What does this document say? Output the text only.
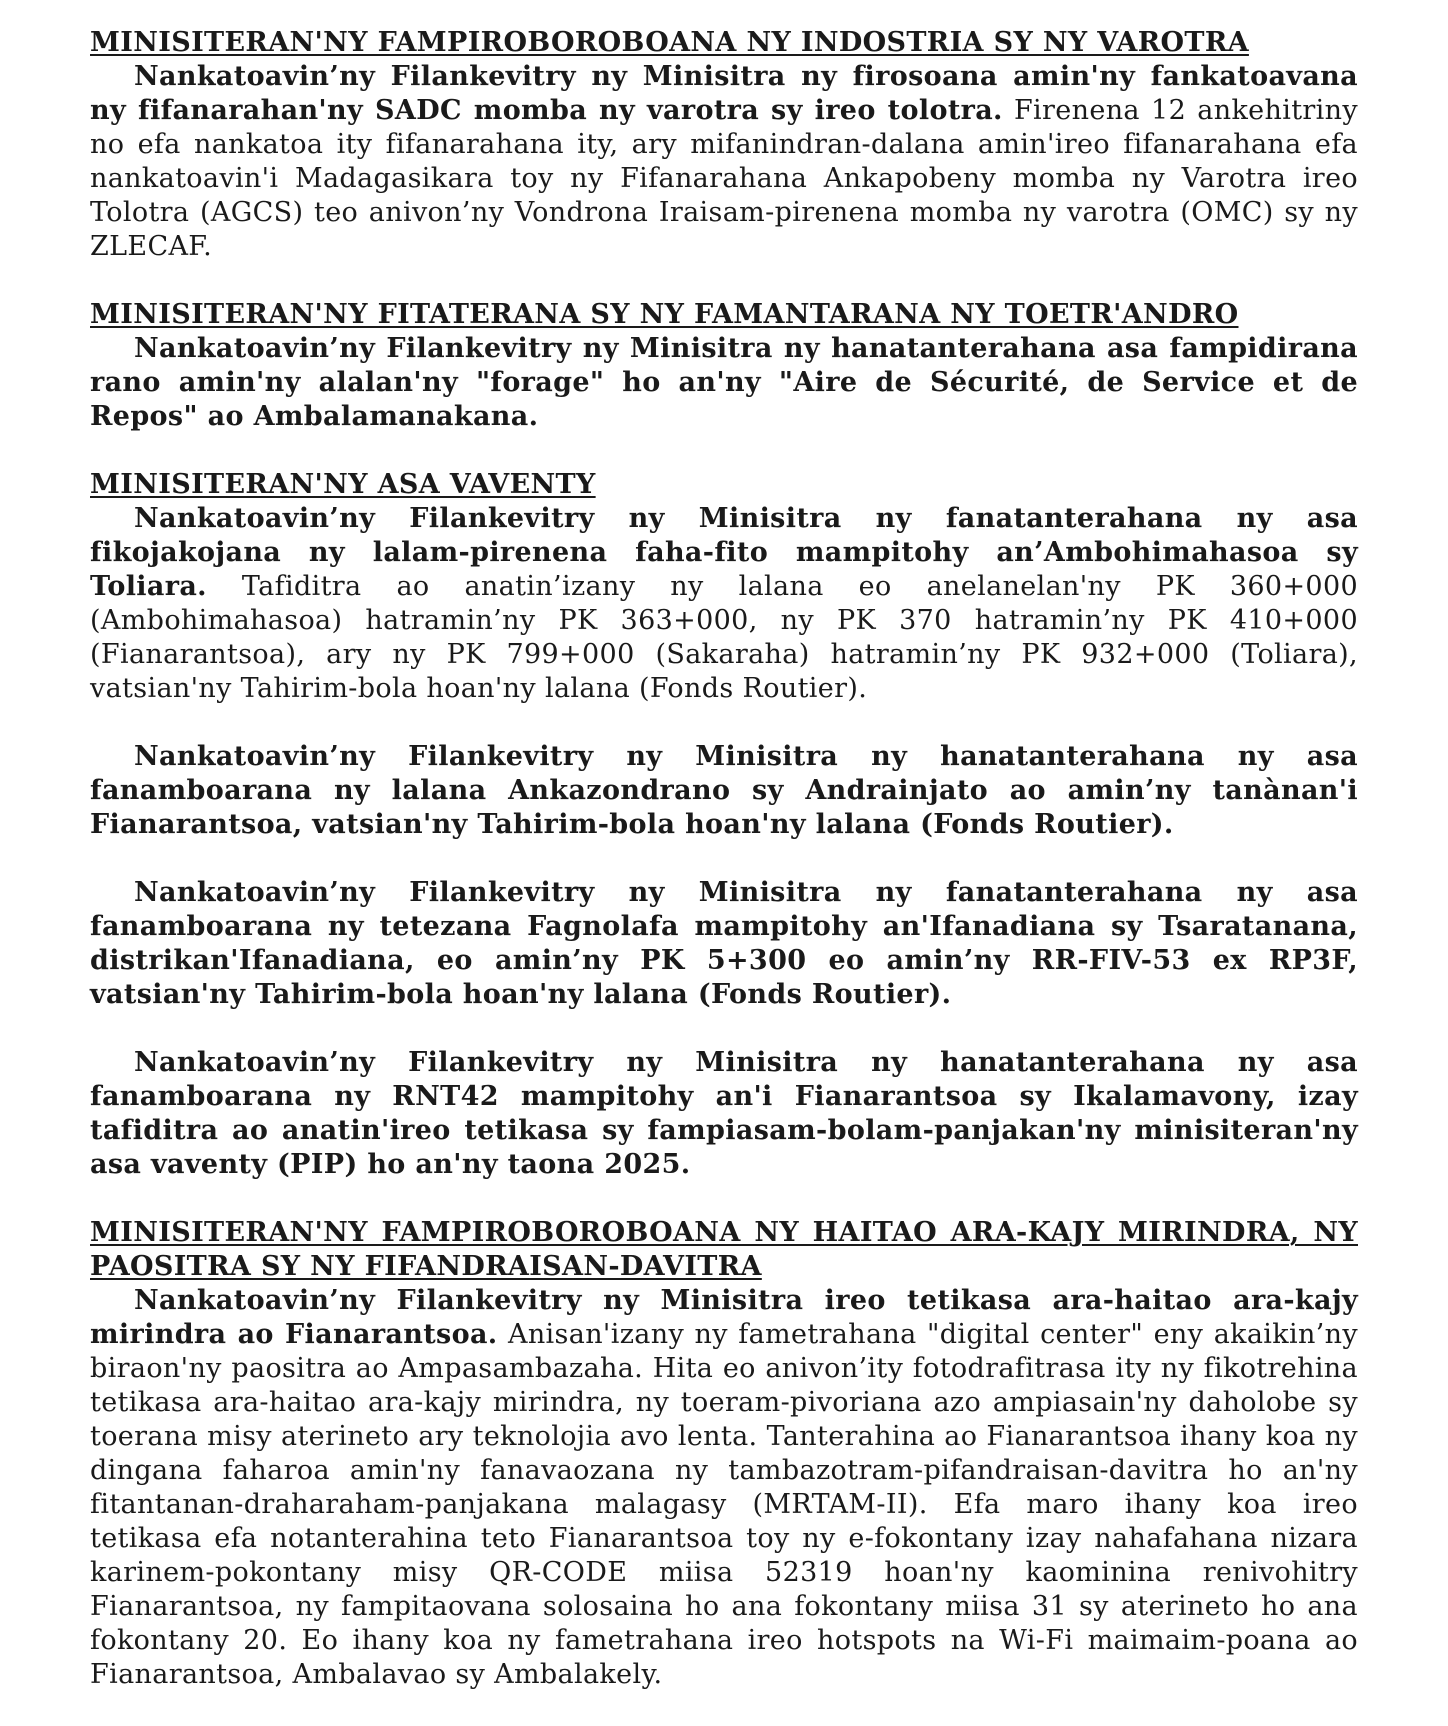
MINISITERAN'NY FAMPIROBOROBOANA NY INDOSTRIA SY NY VAROTRA

Nankatoavin’ny Filankevitry ny Minisitra ny firosoana amin'ny fankatoavana ny fifanarahan'ny SADC momba ny varotra sy ireo tolotra. Firenena 12 ankehitriny no efa nankatoa ity fifanarahana ity, ary mifanindran-dalana amin'ireo fifanarahana efa nankatoavin'i Madagasikara toy ny Fifanarahana Ankapobeny momba ny Varotra ireo Tolotra (AGCS) teo anivon’ny Vondrona Iraisam-pirenena momba ny varotra (OMC) sy ny ZLECAF.

MINISITERAN'NY FITATERANA SY NY FAMANTARANA NY TOETR'ANDRO

Nankatoavin’ny Filankevitry ny Minisitra ny hanatanterahana asa fampidirana rano amin'ny alalan'ny "forage" ho an'ny "Aire de Sécurité, de Service et de Repos" ao Ambalamanakana.

MINISITERAN'NY ASA VAVENTY

Nankatoavin’ny Filankevitry ny Minisitra ny fanatanterahana ny asa fikojakojana ny lalam-pirenena faha-fito mampitohy an’Ambohimahasoa sy Toliara. Tafiditra ao anatin’izany ny lalana eo anelanelan'ny PK 360+000 (Ambohimahasoa) hatramin’ny PK 363+000, ny PK 370 hatramin’ny PK 410+000 (Fianarantsoa), ary ny PK 799+000 (Sakaraha) hatramin’ny PK 932+000 (Toliara), vatsian'ny Tahirim-bola hoan'ny lalana (Fonds Routier).

Nankatoavin’ny Filankevitry ny Minisitra ny hanatanterahana ny asa fanamboarana ny lalana Ankazondrano sy Andrainjato ao amin’ny tanànan'i Fianarantsoa, vatsian'ny Tahirim-bola hoan'ny lalana (Fonds Routier).

Nankatoavin’ny Filankevitry ny Minisitra ny fanatanterahana ny asa fanamboarana ny tetezana Fagnolafa mampitohy an'Ifanadiana sy Tsaratanana, distrikan'Ifanadiana, eo amin’ny PK 5+300 eo amin’ny RR-FIV-53 ex RP3F, vatsian'ny Tahirim-bola hoan'ny lalana (Fonds Routier).

Nankatoavin’ny Filankevitry ny Minisitra ny hanatanterahana ny asa fanamboarana ny RNT42 mampitohy an'i Fianarantsoa sy Ikalamavony, izay tafiditra ao anatin'ireo tetikasa sy fampiasam-bolam-panjakan'ny minisiteran'ny asa vaventy (PIP) ho an'ny taona 2025.

MINISITERAN'NY FAMPIROBOROBOANA NY HAITAO ARA-KAJY MIRINDRA, NY PAOSITRA SY NY FIFANDRAISAN-DAVITRA

Nankatoavin’ny Filankevitry ny Minisitra ireo tetikasa ara-haitao ara-kajy mirindra ao Fianarantsoa. Anisan'izany ny fametrahana "digital center" eny akaikin’ny biraon'ny paositra ao Ampasambazaha. Hita eo anivon’ity fotodrafitrasa ity ny fikotrehina tetikasa ara-haitao ara-kajy mirindra, ny toeram-pivoriana azo ampiasain'ny daholobe sy toerana misy aterineto ary teknolojia avo lenta. Tanterahina ao Fianarantsoa ihany koa ny dingana faharoa amin'ny fanavaozana ny tambazotram-pifandraisan-davitra ho an'ny fitantanan-draharaham-panjakana malagasy (MRTAM-II). Efa maro ihany koa ireo tetikasa efa notanterahina teto Fianarantsoa toy ny e-fokontany izay nahafahana nizara karinem-pokontany misy QR-CODE miisa 52319 hoan'ny kaominina renivohitry Fianarantsoa, ny fampitaovana solosaina ho ana fokontany miisa 31 sy aterineto ho ana fokontany 20. Eo ihany koa ny fametrahana ireo hotspots na Wi-Fi maimaim-poana ao Fianarantsoa, Ambalavao sy Ambalakely.
